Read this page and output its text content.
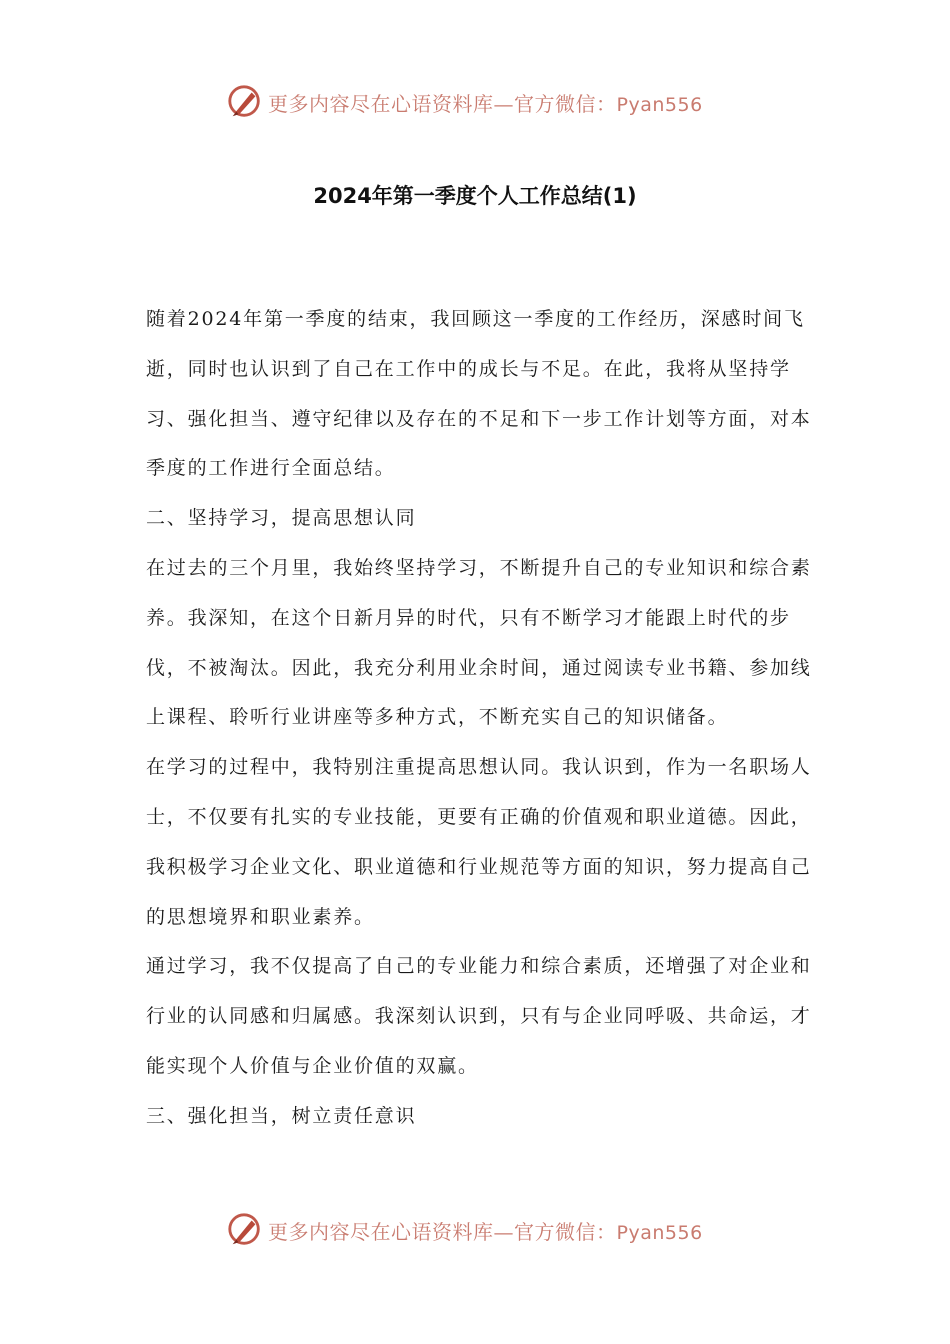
更多内容尽在心语资料库—官方微信：Pyan556
2024年第一季度个人工作总结(1)

随着2024年第一季度的结束，我回顾这一季度的工作经历，深感时间飞逝，同时也认识到了自己在工作中的成长与不足。在此，我将从坚持学习、强化担当、遵守纪律以及存在的不足和下一步工作计划等方面，对本季度的工作进行全面总结。

二、坚持学习，提高思想认同

在过去的三个月里，我始终坚持学习，不断提升自己的专业知识和综合素养。我深知，在这个日新月异的时代，只有不断学习才能跟上时代的步伐，不被淘汰。因此，我充分利用业余时间，通过阅读专业书籍、参加线上课程、聆听行业讲座等多种方式，不断充实自己的知识储备。

在学习的过程中，我特别注重提高思想认同。我认识到，作为一名职场人士，不仅要有扎实的专业技能，更要有正确的价值观和职业道德。因此，我积极学习企业文化、职业道德和行业规范等方面的知识，努力提高自己的思想境界和职业素养。

通过学习，我不仅提高了自己的专业能力和综合素质，还增强了对企业和行业的认同感和归属感。我深刻认识到，只有与企业同呼吸、共命运，才能实现个人价值与企业价值的双赢。

三、强化担当，树立责任意识

更多内容尽在心语资料库—官方微信：Pyan556
